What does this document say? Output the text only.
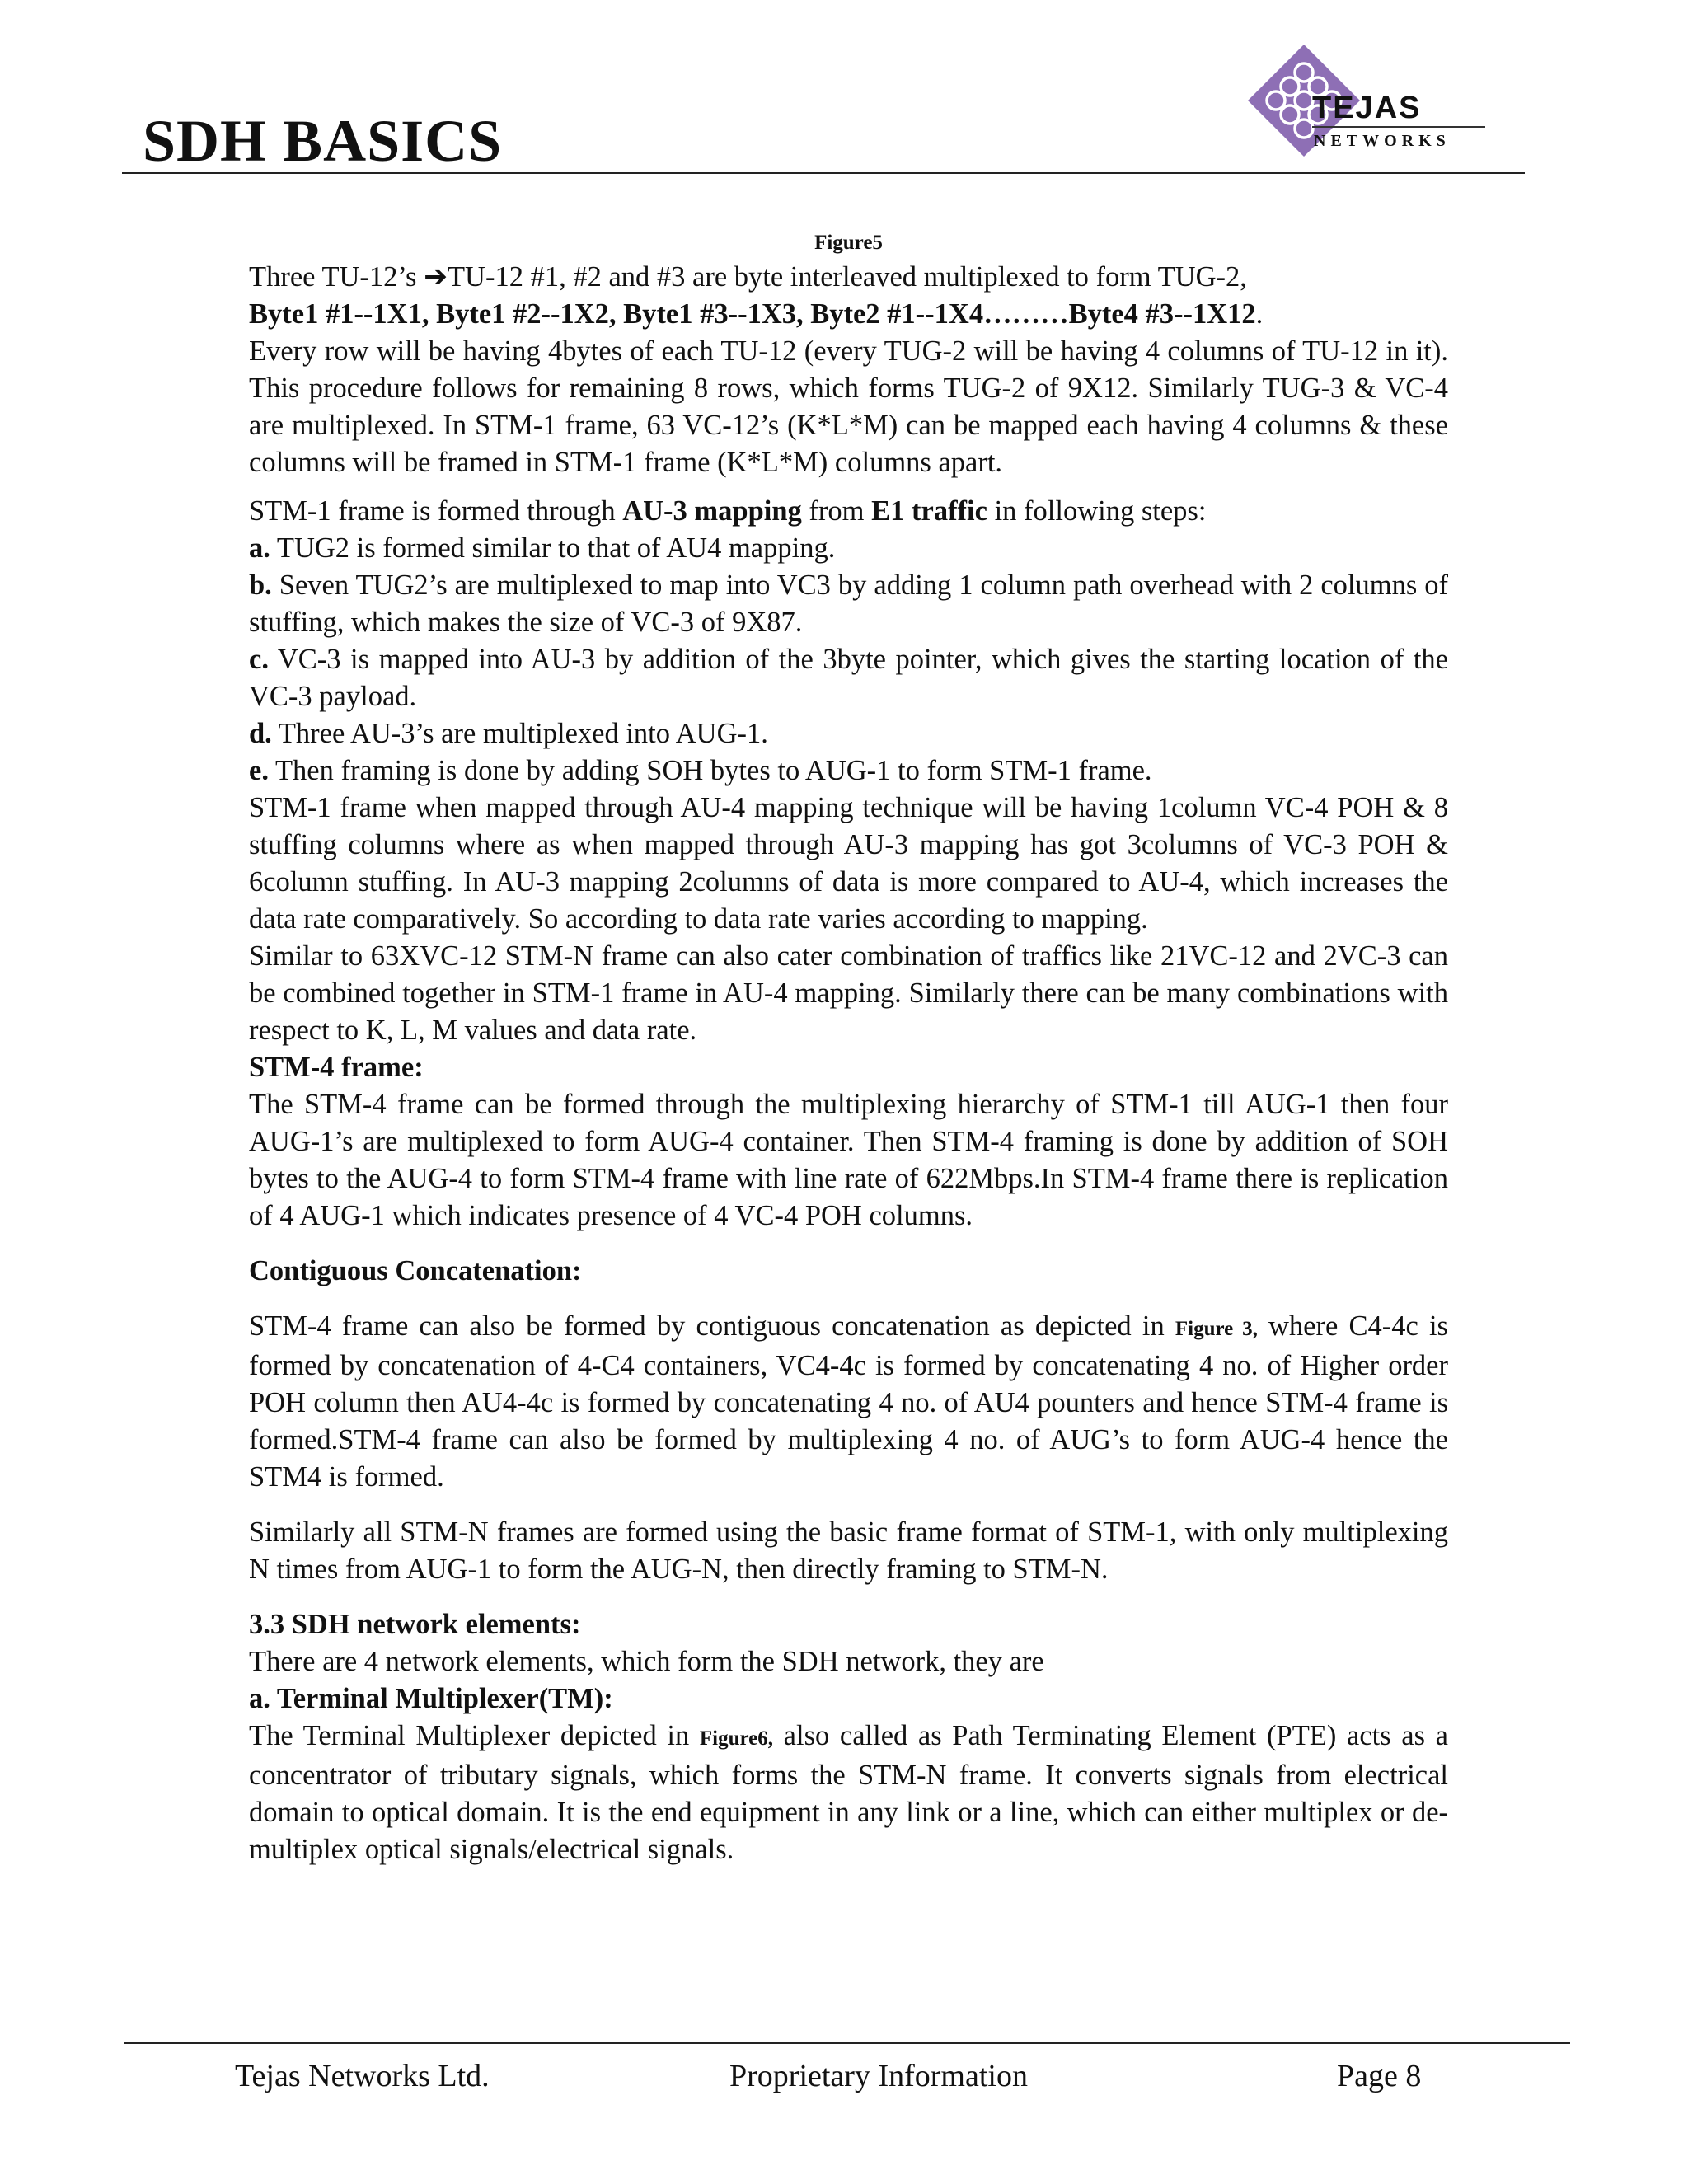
SDH BASICS	TEJAS
NETWORKS

Figure5

Three TU-12’s ➔TU-12 #1, #2 and #3 are byte interleaved multiplexed to form TUG-2,
Byte1 #1--1X1, Byte1 #2--1X2, Byte1 #3--1X3, Byte2 #1--1X4………Byte4 #3--1X12.

Every row will be having 4bytes of each TU-12 (every TUG-2 will be having 4 columns of TU-12 in it). This procedure follows for remaining 8 rows, which forms TUG-2 of 9X12. Similarly TUG-3 & VC-4 are multiplexed. In STM-1 frame, 63 VC-12’s (K*L*M) can be mapped each having 4 columns & these columns will be framed in STM-1 frame (K*L*M) columns apart.

STM-1 frame is formed through AU-3 mapping from E1 traffic in following steps:

a. TUG2 is formed similar to that of AU4 mapping.

b. Seven TUG2’s are multiplexed to map into VC3 by adding 1 column path overhead with 2 columns of stuffing, which makes the size of VC-3 of 9X87.

c. VC-3 is mapped into AU-3 by addition of the 3byte pointer, which gives the starting location of the VC-3 payload.

d. Three AU-3’s are multiplexed into AUG-1.

e. Then framing is done by adding SOH bytes to AUG-1 to form STM-1 frame.

STM-1 frame when mapped through AU-4 mapping technique will be having 1column VC-4 POH & 8 stuffing columns where as when mapped through AU-3 mapping has got 3columns of VC-3 POH & 6column stuffing. In AU-3 mapping 2columns of data is more compared to AU-4, which increases the data rate comparatively. So according to data rate varies according to mapping.

Similar to 63XVC-12 STM-N frame can also cater combination of traffics like 21VC-12 and 2VC-3 can be combined together in STM-1 frame in AU-4 mapping. Similarly there can be many combinations with respect to K, L, M values and data rate.

STM-4 frame:

The STM-4 frame can be formed through the multiplexing hierarchy of STM-1 till AUG-1 then four AUG-1’s are multiplexed to form AUG-4 container. Then STM-4 framing is done by addition of SOH bytes to the AUG-4 to form STM-4 frame with line rate of 622Mbps.In STM-4 frame there is replication of 4 AUG-1 which indicates presence of 4 VC-4 POH columns.

Contiguous Concatenation:

STM-4 frame can also be formed by contiguous concatenation as depicted in Figure 3, where C4-4c is formed by concatenation of 4-C4 containers, VC4-4c is formed by concatenating 4 no. of Higher order POH column then AU4-4c is formed by concatenating 4 no. of AU4 pounters and hence STM-4 frame is formed.STM-4 frame can also be formed by multiplexing 4 no. of AUG’s to form AUG-4 hence the STM4 is formed.

Similarly all STM-N frames are formed using the basic frame format of STM-1, with only multiplexing N times from AUG-1 to form the AUG-N, then directly framing to STM-N.

3.3 SDH network elements:

There are 4 network elements, which form the SDH network, they are

a. Terminal Multiplexer(TM):

The Terminal Multiplexer depicted in Figure6, also called as Path Terminating Element (PTE) acts as a concentrator of tributary signals, which forms the STM-N frame. It converts signals from electrical domain to optical domain. It is the end equipment in any link or a line, which can either multiplex or de-multiplex optical signals/electrical signals.

Tejas Networks Ltd.	Proprietary Information	Page 8
